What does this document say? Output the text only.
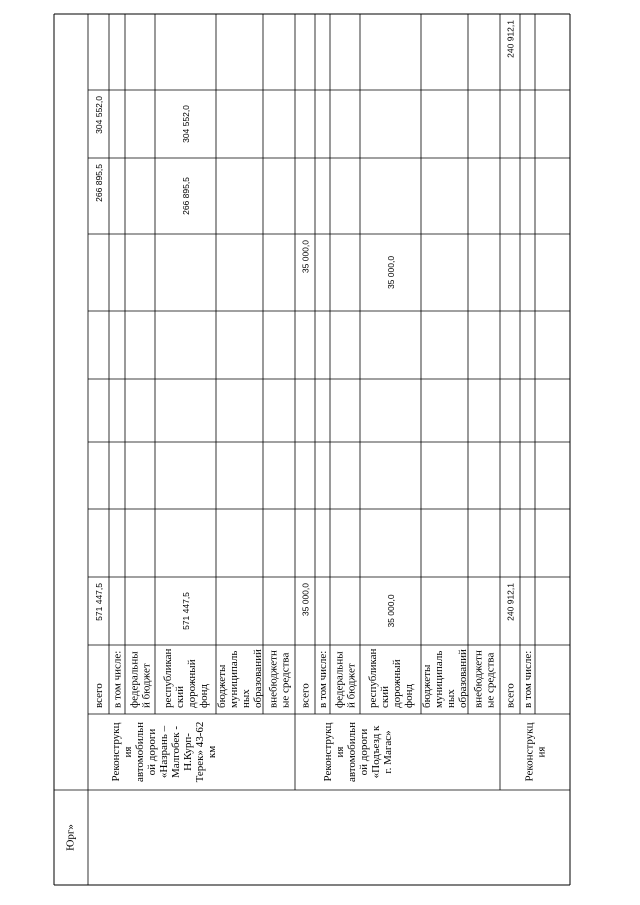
Юрг»
Реконструкцияавтомобильной дороги«Назрань –Малгобек -Н.Курп-Терек» 43-62км	Реконструкцияавтомобильной дороги«Подъезд кг. Магас»	Реконструкция
всего
571 447,5
266 895,5
304 552,0
в том числе: федеральный бюджет республиканскийдорожныйфонд
571 447,5
266 895,5
304 552,0
бюджетымуниципальныхобразований внебюджетные средства всего
35 000,0
35 000,0
в том числе: федеральный бюджет республиканскийдорожныйфонд
35 000,0
35 000,0
бюджетымуниципальныхобразований внебюджетные средства всего
240 912,1
240 912,1
в том числе:
